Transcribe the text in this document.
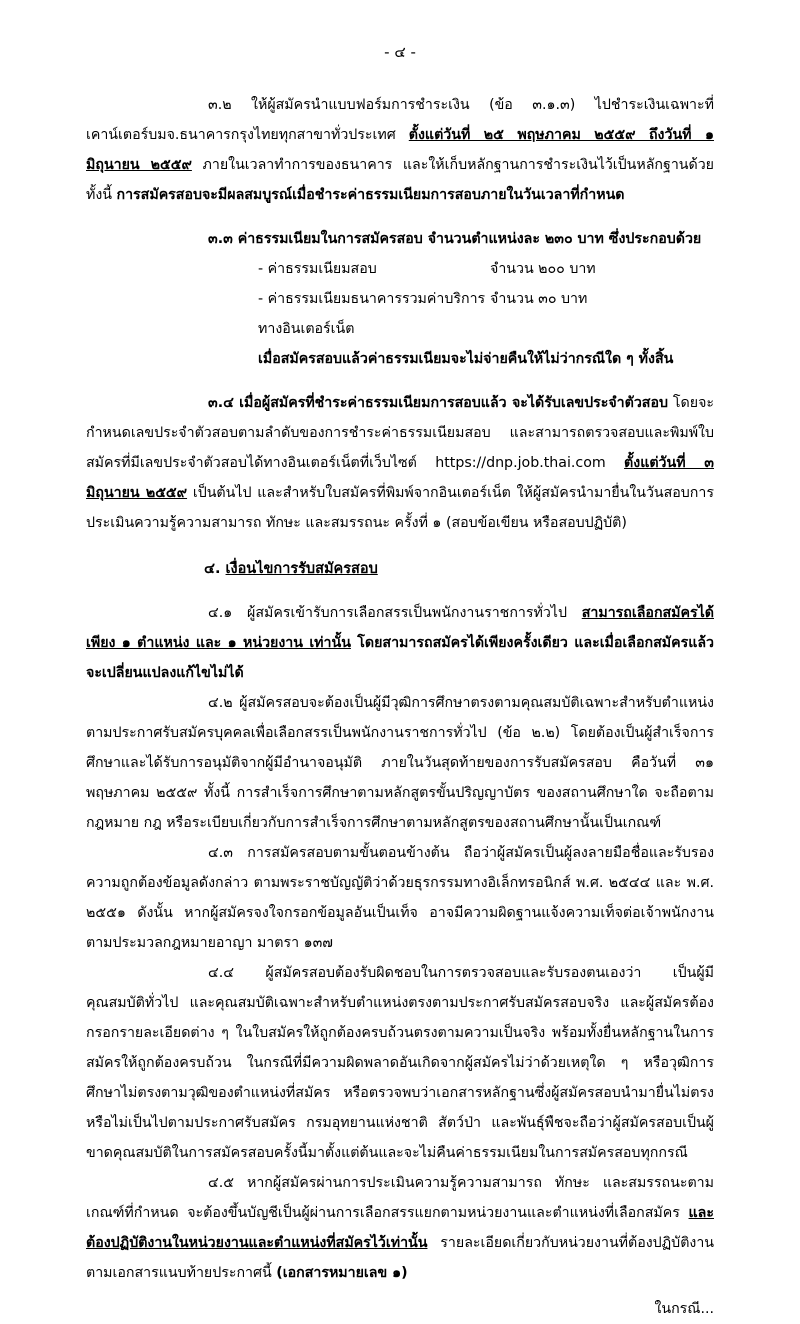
- ๔ -

๓.๒ ให้ผู้สมัครนำแบบฟอร์มการชำระเงิน (ข้อ ๓.๑.๓) ไปชำระเงินเฉพาะที่เคาน์เตอร์บมจ.ธนาคารกรุงไทยทุกสาขาทั่วประเทศ ตั้งแต่วันที่ ๒๕ พฤษภาคม ๒๕๕๙ ถึงวันที่ ๑ มิถุนายน ๒๕๕๙ ภายในเวลาทำการของธนาคาร และให้เก็บหลักฐานการชำระเงินไว้เป็นหลักฐานด้วย ทั้งนี้ การสมัครสอบจะมีผลสมบูรณ์เมื่อชำระค่าธรรมเนียมการสอบภายในวันเวลาที่กำหนด

๓.๓ ค่าธรรมเนียมในการสมัครสอบ จำนวนตำแหน่งละ ๒๓๐ บาท ซึ่งประกอบด้วย

- ค่าธรรมเนียมสอบ	จำนวน ๒๐๐ บาท
- ค่าธรรมเนียมธนาคารรวมค่าบริการทางอินเตอร์เน็ต
จำนวน ๓๐ บาท
เมื่อสมัครสอบแล้วค่าธรรมเนียมจะไม่จ่ายคืนให้ไม่ว่ากรณีใด ๆ ทั้งสิ้น

๓.๔ เมื่อผู้สมัครที่ชำระค่าธรรมเนียมการสอบแล้ว จะได้รับเลขประจำตัวสอบ โดยจะกำหนดเลขประจำตัวสอบตามลำดับของการชำระค่าธรรมเนียมสอบ และสามารถตรวจสอบและพิมพ์ใบสมัครที่มีเลขประจำตัวสอบได้ทางอินเตอร์เน็ตที่เว็บไซต์ https://dnp.job.thai.com ตั้งแต่วันที่ ๓ มิถุนายน ๒๕๕๙ เป็นต้นไป และสำหรับใบสมัครที่พิมพ์จากอินเตอร์เน็ต ให้ผู้สมัครนำมายื่นในวันสอบการประเมินความรู้ความสามารถ ทักษะ และสมรรถนะ ครั้งที่ ๑ (สอบข้อเขียน หรือสอบปฏิบัติ)

๔. เงื่อนไขการรับสมัครสอบ

๔.๑ ผู้สมัครเข้ารับการเลือกสรรเป็นพนักงานราชการทั่วไป สามารถเลือกสมัครได้เพียง ๑ ตำแหน่ง และ ๑ หน่วยงาน เท่านั้น โดยสามารถสมัครได้เพียงครั้งเดียว และเมื่อเลือกสมัครแล้วจะเปลี่ยนแปลงแก้ไขไม่ได้

๔.๒ ผู้สมัครสอบจะต้องเป็นผู้มีวุฒิการศึกษาตรงตามคุณสมบัติเฉพาะสำหรับตำแหน่งตามประกาศรับสมัครบุคคลเพื่อเลือกสรรเป็นพนักงานราชการทั่วไป (ข้อ ๒.๒) โดยต้องเป็นผู้สำเร็จการศึกษาและได้รับการอนุมัติจากผู้มีอำนาจอนุมัติ ภายในวันสุดท้ายของการรับสมัครสอบ คือวันที่ ๓๑ พฤษภาคม ๒๕๕๙ ทั้งนี้ การสำเร็จการศึกษาตามหลักสูตรขั้นปริญญาบัตร ของสถานศึกษาใด จะถือตามกฎหมาย กฎ หรือระเบียบเกี่ยวกับการสำเร็จการศึกษาตามหลักสูตรของสถานศึกษานั้นเป็นเกณฑ์

๔.๓ การสมัครสอบตามขั้นตอนข้างต้น ถือว่าผู้สมัครเป็นผู้ลงลายมือชื่อและรับรองความถูกต้องข้อมูลดังกล่าว ตามพระราชบัญญัติว่าด้วยธุรกรรมทางอิเล็กทรอนิกส์ พ.ศ. ๒๕๔๔ และ พ.ศ. ๒๕๕๑ ดังนั้น หากผู้สมัครจงใจกรอกข้อมูลอันเป็นเท็จ อาจมีความผิดฐานแจ้งความเท็จต่อเจ้าพนักงานตามประมวลกฎหมายอาญา มาตรา ๑๓๗

๔.๔ ผู้สมัครสอบต้องรับผิดชอบในการตรวจสอบและรับรองตนเองว่า เป็นผู้มีคุณสมบัติทั่วไป และคุณสมบัติเฉพาะสำหรับตำแหน่งตรงตามประกาศรับสมัครสอบจริง และผู้สมัครต้องกรอกรายละเอียดต่าง ๆ ในใบสมัครให้ถูกต้องครบถ้วนตรงตามความเป็นจริง พร้อมทั้งยื่นหลักฐานในการสมัครให้ถูกต้องครบถ้วน ในกรณีที่มีความผิดพลาดอันเกิดจากผู้สมัครไม่ว่าด้วยเหตุใด ๆ หรือวุฒิการศึกษาไม่ตรงตามวุฒิของตำแหน่งที่สมัคร หรือตรวจพบว่าเอกสารหลักฐานซึ่งผู้สมัครสอบนำมายื่นไม่ตรงหรือไม่เป็นไปตามประกาศรับสมัคร กรมอุทยานแห่งชาติ สัตว์ป่า และพันธุ์พืชจะถือว่าผู้สมัครสอบเป็นผู้ขาดคุณสมบัติในการสมัครสอบครั้งนี้มาตั้งแต่ต้นและจะไม่คืนค่าธรรมเนียมในการสมัครสอบทุกกรณี

๔.๕ หากผู้สมัครผ่านการประเมินความรู้ความสามารถ ทักษะ และสมรรถนะตามเกณฑ์ที่กำหนด จะต้องขึ้นบัญชีเป็นผู้ผ่านการเลือกสรรแยกตามหน่วยงานและตำแหน่งที่เลือกสมัคร และต้องปฏิบัติงานในหน่วยงานและตำแหน่งที่สมัครไว้เท่านั้น รายละเอียดเกี่ยวกับหน่วยงานที่ต้องปฏิบัติงาน ตามเอกสารแนบท้ายประกาศนี้ (เอกสารหมายเลข ๑)

ในกรณี...
